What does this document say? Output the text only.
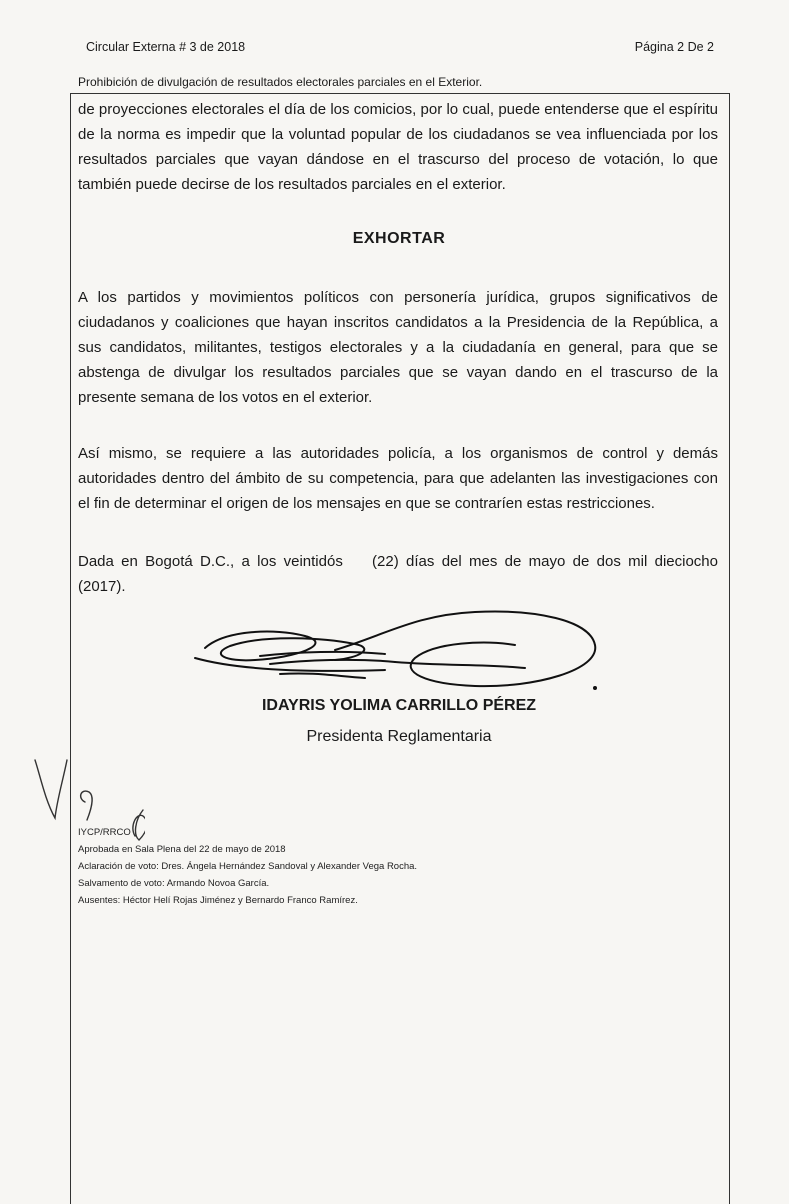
Circular Externa # 3 de 2018	Página 2 De 2
Prohibición de divulgación de resultados electorales parciales en el Exterior.
de proyecciones electorales el día de los comicios, por lo cual, puede entenderse que el espíritu
de la norma es impedir que la voluntad popular de los ciudadanos se vea influenciada por los
resultados parciales que vayan dándose en el trascurso del proceso de votación, lo que
también puede decirse de los resultados parciales en el exterior.
EXHORTAR
A los partidos y movimientos políticos con personería jurídica, grupos significativos de
ciudadanos y coaliciones que hayan inscritos candidatos a la Presidencia de la República, a
sus candidatos, militantes, testigos electorales y a la ciudadanía en general, para que se
abstenga de divulgar los resultados parciales que se vayan dando en el trascurso de la
presente semana de los votos en el exterior.
Así mismo, se requiere a las autoridades policía, a los organismos de control y demás
autoridades dentro del ámbito de su competencia, para que adelanten las investigaciones con
el fin de determinar el origen de los mensajes en que se contraríen estas restricciones.
Dada en Bogotá D.C., a los veintidós    (22) días del mes de mayo de dos mil dieciocho
(2017).
IDAYRIS YOLIMA CARRILLO PÉREZ
Presidenta Reglamentaria
IYCP/RRCO
Aprobada en Sala Plena del 22 de mayo de 2018
Aclaración de voto: Dres. Ángela Hernández Sandoval y Alexander Vega Rocha.
Salvamento de voto: Armando Novoa García.
Ausentes: Héctor Helí Rojas Jiménez y Bernardo Franco Ramírez.
